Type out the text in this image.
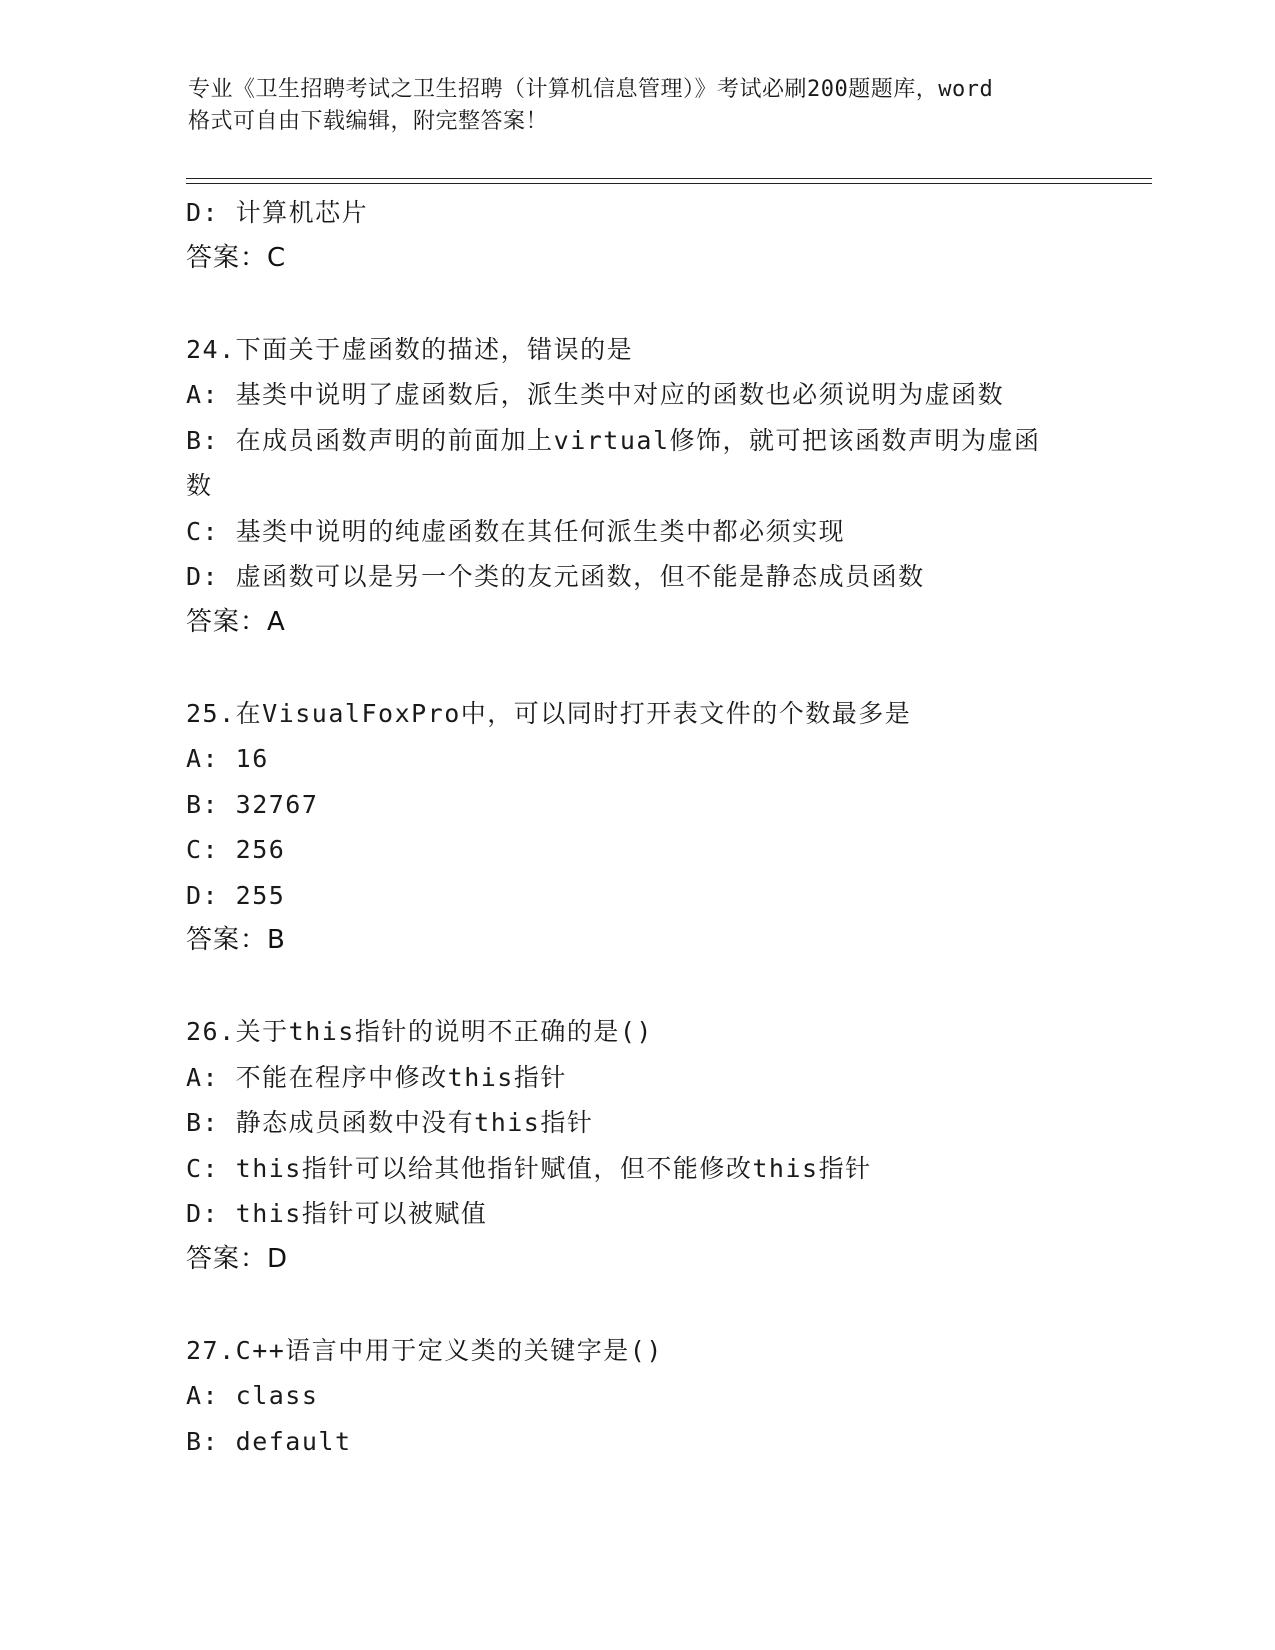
专业《卫生招聘考试之卫生招聘（计算机信息管理）》考试必刷200题题库，word
格式可自由下载编辑，附完整答案！
D: 计算机芯片
答案：C
24.下面关于虚函数的描述，错误的是
A: 基类中说明了虚函数后，派生类中对应的函数也必须说明为虚函数
B: 在成员函数声明的前面加上virtual修饰，就可把该函数声明为虚函数
C: 基类中说明的纯虚函数在其任何派生类中都必须实现
D: 虚函数可以是另一个类的友元函数，但不能是静态成员函数
答案：A
25.在VisualFoxPro中，可以同时打开表文件的个数最多是
A: 16
B: 32767
C: 256
D: 255
答案：B
26.关于this指针的说明不正确的是()
A: 不能在程序中修改this指针
B: 静态成员函数中没有this指针
C: this指针可以给其他指针赋值，但不能修改this指针
D: this指针可以被赋值
答案：D
27.C++语言中用于定义类的关键字是()
A: class
B: default
